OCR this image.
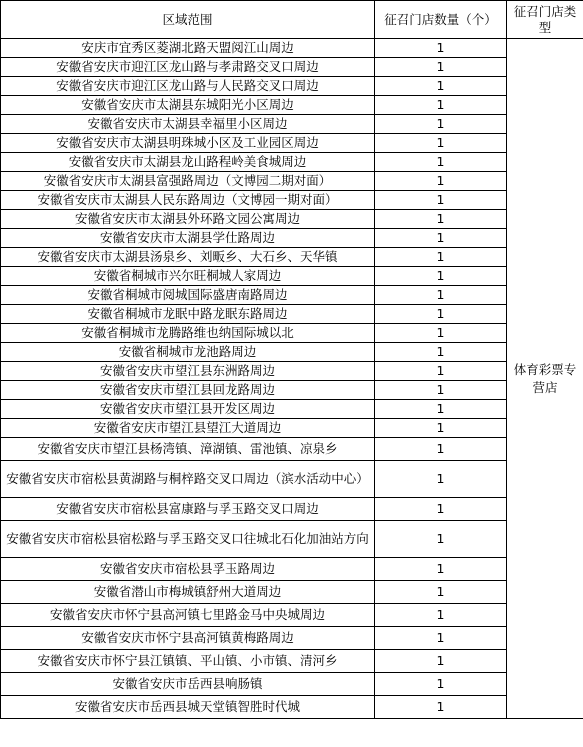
区域范围	征召门店数量（个）	征召门店类型
安庆市宜秀区菱湖北路天盟阅江山周边	1	体育彩票专营店
安徽省安庆市迎江区龙山路与孝肃路交叉口周边	1	
安徽省安庆市迎江区龙山路与人民路交叉口周边	1	
安徽省安庆市太湖县东城阳光小区周边	1	
安徽省安庆市太湖县幸福里小区周边	1	
安徽省安庆市太湖县明珠城小区及工业园区周边	1	
安徽省安庆市太湖县龙山路程岭美食城周边	1	
安徽省安庆市太湖县富强路周边（文博园二期对面）	1	
安徽省安庆市太湖县人民东路周边（文博园一期对面）	1	
安徽省安庆市太湖县外环路文园公寓周边	1	
安徽省安庆市太湖县学仕路周边	1	
安徽省安庆市太湖县汤泉乡、刘畈乡、大石乡、天华镇	1	
安徽省桐城市兴尔旺桐城人家周边	1	
安徽省桐城市阅城国际盛唐南路周边	1	
安徽省桐城市龙眠中路龙眠东路周边	1	
安徽省桐城市龙腾路维也纳国际城以北	1	
安徽省桐城市龙池路周边	1	
安徽省安庆市望江县东洲路周边	1	
安徽省安庆市望江县回龙路周边	1	
安徽省安庆市望江县开发区周边	1	
安徽省安庆市望江县望江大道周边	1	
安徽省安庆市望江县杨湾镇、漳湖镇、雷池镇、凉泉乡	1	
安徽省安庆市宿松县黄湖路与桐梓路交叉口周边（滨水活动中心）	1	
安徽省安庆市宿松县富康路与孚玉路交叉口周边	1	
安徽省安庆市宿松县宿松路与孚玉路交叉口往城北石化加油站方向	1	
安徽省安庆市宿松县孚玉路周边	1	
安徽省潜山市梅城镇舒州大道周边	1	
安徽省安庆市怀宁县高河镇七里路金马中央城周边	1	
安徽省安庆市怀宁县高河镇黄梅路周边	1	
安徽省安庆市怀宁县江镇镇、平山镇、小市镇、清河乡	1	
安徽省安庆市岳西县响肠镇	1	
安徽省安庆市岳西县城天堂镇智胜时代城	1	
